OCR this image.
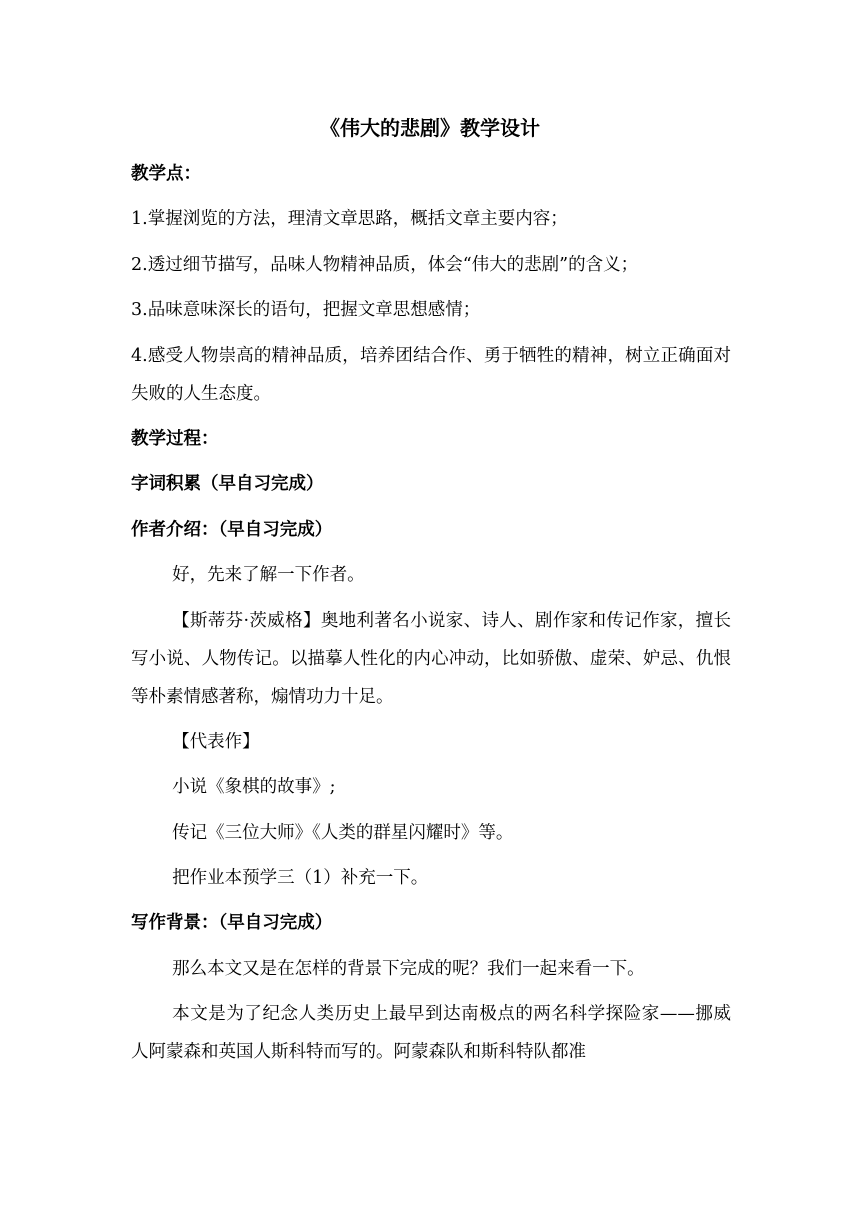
《伟大的悲剧》教学设计

教学点：

1.掌握浏览的方法，理清文章思路，概括文章主要内容；

2.透过细节描写，品味人物精神品质，体会“伟大的悲剧”的含义；

3.品味意味深长的语句，把握文章思想感情；

4.感受人物崇高的精神品质，培养团结合作、勇于牺牲的精神，树立正确面对失败的人生态度。

教学过程：

字词积累（早自习完成）

作者介绍：（早自习完成）

好，先来了解一下作者。

【斯蒂芬·茨威格】奥地利著名小说家、诗人、剧作家和传记作家，擅长写小说、人物传记。以描摹人性化的内心冲动，比如骄傲、虚荣、妒忌、仇恨等朴素情感著称，煽情功力十足。

【代表作】

小说《象棋的故事》;

传记《三位大师》《人类的群星闪耀时》等。

把作业本预学三（1）补充一下。

写作背景：（早自习完成）

那么本文又是在怎样的背景下完成的呢？我们一起来看一下。

本文是为了纪念人类历史上最早到达南极点的两名科学探险家——挪威人阿蒙森和英国人斯科特而写的。阿蒙森队和斯科特队都准
